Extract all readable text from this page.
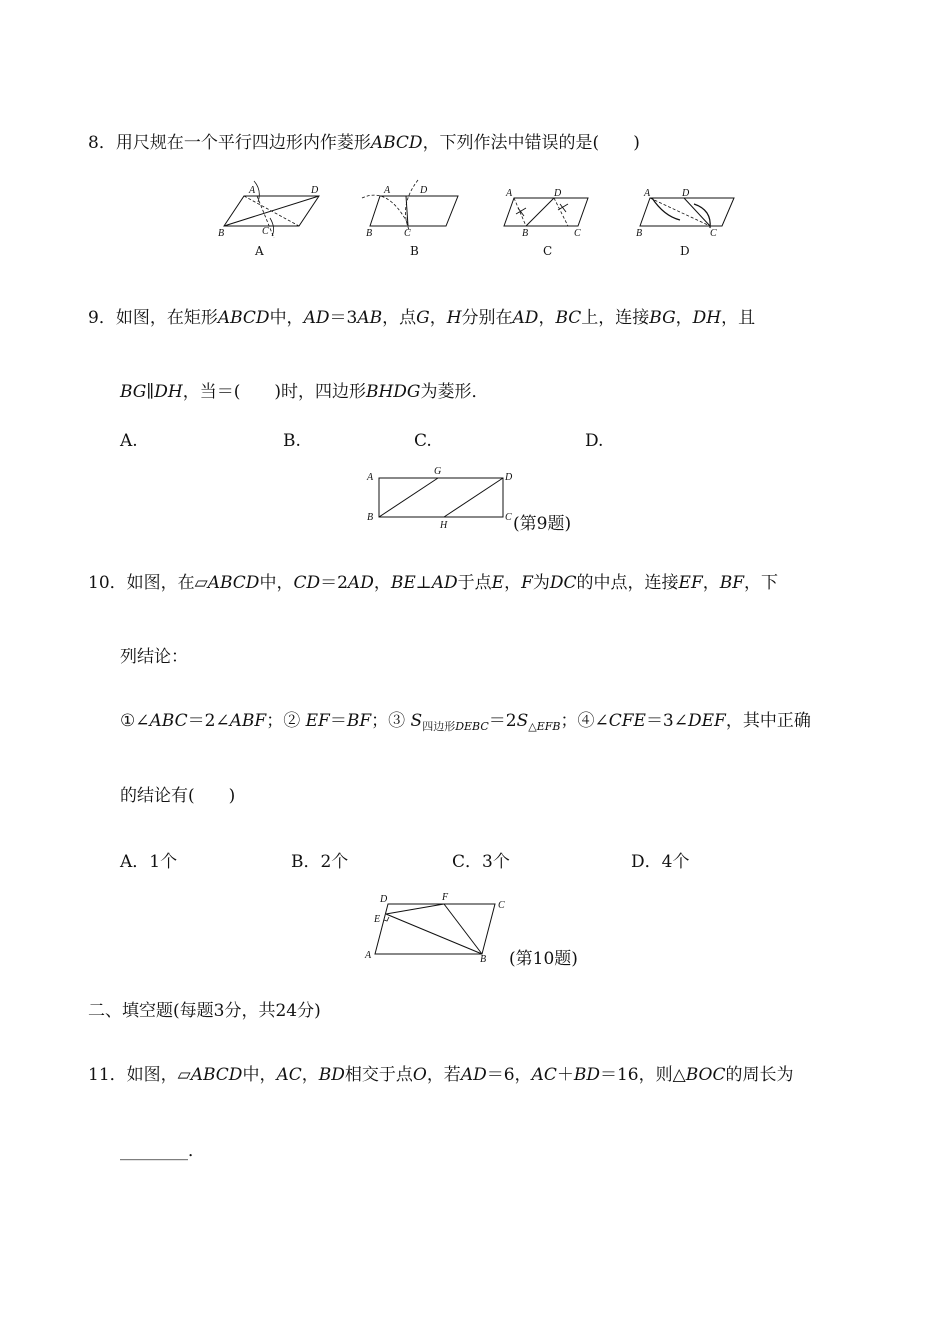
8．用尺规在一个平行四边形内作菱形ABCD，下列作法中错误的是(　　)
A	D
B	C
A
A	D
B	C
B
A	D
B	C
C
A	D
B	C
D
9．如图，在矩形ABCD中，AD＝3AB，点G，H分别在AD，BC上，连接BG，DH，且
BG∥DH，当＝(　　)时，四边形BHDG为菱形．
A.	B.	C.	D.
A
G
D
B
H
C (第9题)
10．如图，在▱ABCD中，CD＝2AD，BE⊥AD于点E，F为DC的中点，连接EF，BF，下
列结论：
①∠ABC＝2∠ABF；② EF＝BF；③ $S_{四边形DEBC}=2S_{\triangle EFB}$；④∠CFE＝3∠DEF，其中正确
的结论有(　　)
A．1个	B．2个	C．3个	D．4个
D	F
C
E
A	B (第10题)
二、填空题(每题3分，共24分)
11．如图，▱ABCD中，AC，BD相交于点O，若AD＝6，AC＋BD＝16，则△BOC的周长为
________．
